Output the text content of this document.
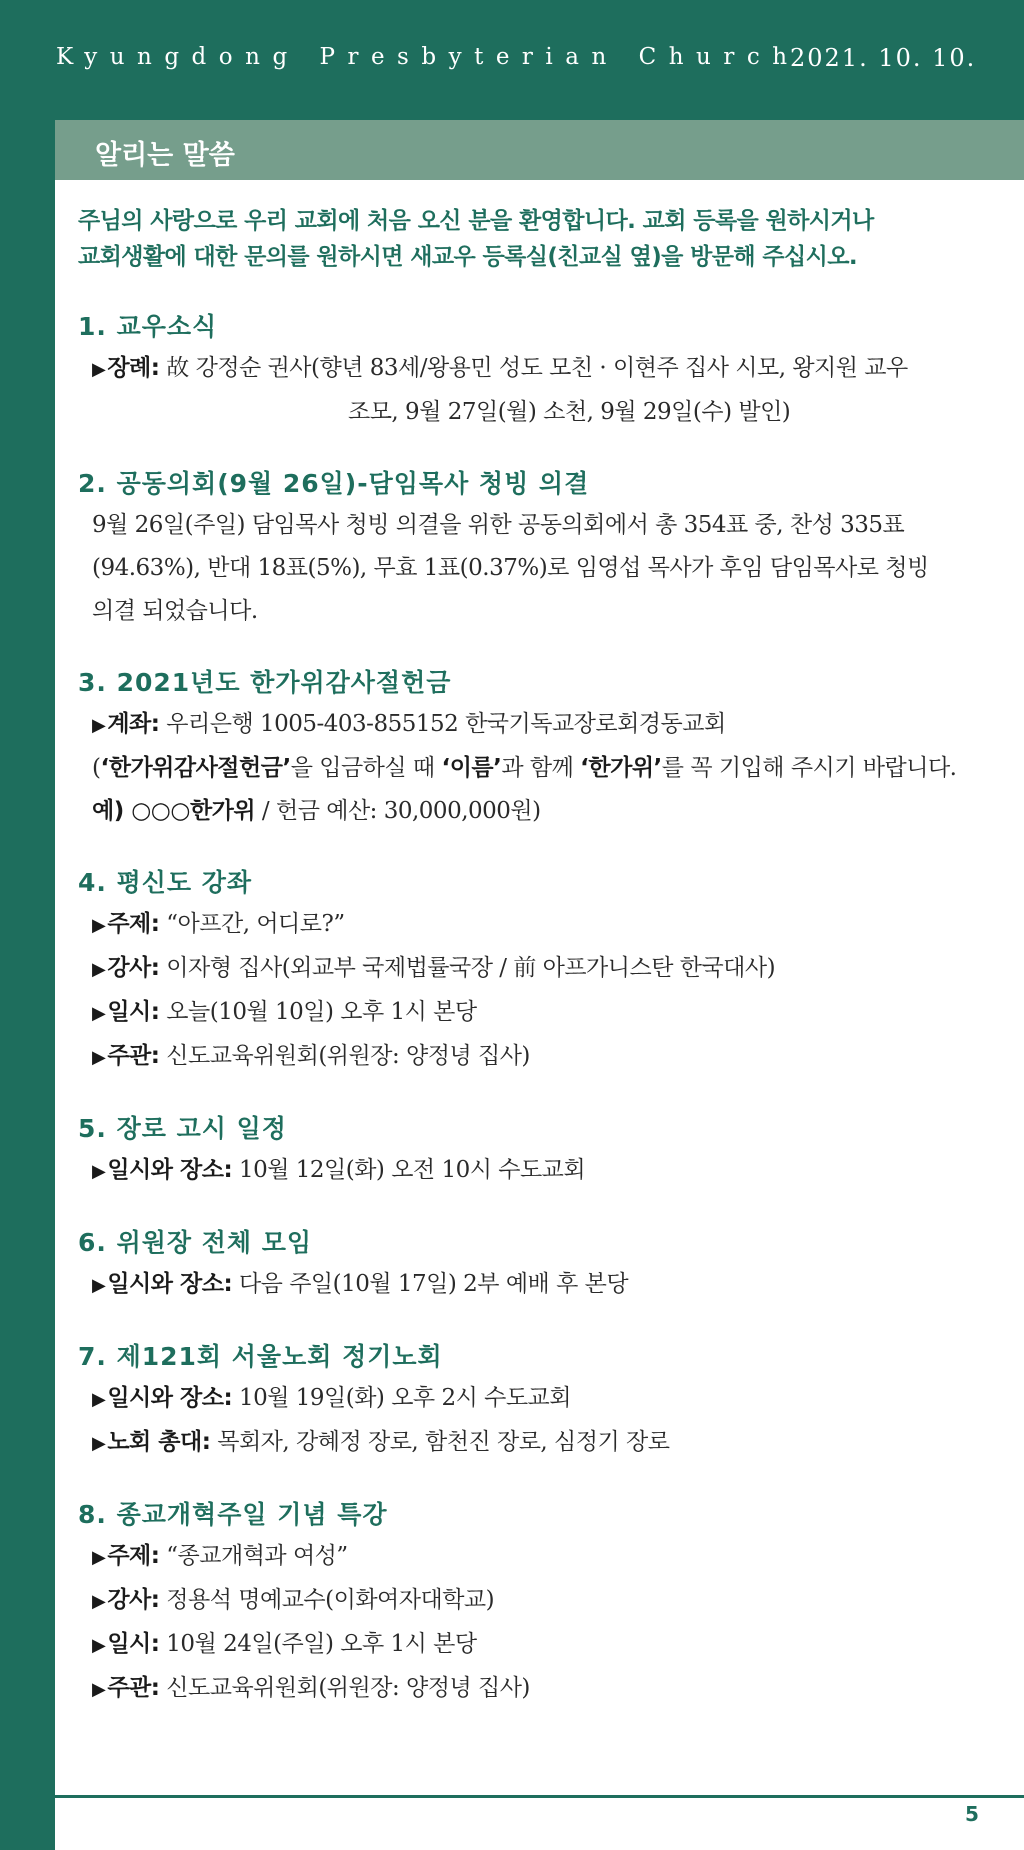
Kyungdong Presbyterian Church
2021. 10. 10.
알리는 말씀
주님의 사랑으로 우리 교회에 처음 오신 분을 환영합니다. 교회 등록을 원하시거나
교회생활에 대한 문의를 원하시면 새교우 등록실(친교실 옆)을 방문해 주십시오.
1. 교우소식
▶장례: 故 강정순 권사(향년 83세/왕용민 성도 모친 · 이현주 집사 시모, 왕지원 교우
조모, 9월 27일(월) 소천, 9월 29일(수) 발인)
2. 공동의회(9월 26일)-담임목사 청빙 의결
9월 26일(주일) 담임목사 청빙 의결을 위한 공동의회에서 총 354표 중, 찬성 335표
(94.63%), 반대 18표(5%), 무효 1표(0.37%)로 임영섭 목사가 후임 담임목사로 청빙
의결 되었습니다.
3. 2021년도 한가위감사절헌금
▶계좌: 우리은행 1005-403-855152 한국기독교장로회경동교회
(‘한가위감사절헌금’을 입금하실 때 ‘이름’과 함께 ‘한가위’를 꼭 기입해 주시기 바랍니다.
예) ○○○한가위 / 헌금 예산: 30,000,000원)
4. 평신도 강좌
▶주제: “아프간, 어디로?”
▶강사: 이자형 집사(외교부 국제법률국장 / 前 아프가니스탄 한국대사)
▶일시: 오늘(10월 10일) 오후 1시 본당
▶주관: 신도교육위원회(위원장: 양정녕 집사)
5. 장로 고시 일정
▶일시와 장소: 10월 12일(화) 오전 10시 수도교회
6. 위원장 전체 모임
▶일시와 장소: 다음 주일(10월 17일) 2부 예배 후 본당
7. 제121회 서울노회 정기노회
▶일시와 장소: 10월 19일(화) 오후 2시 수도교회
▶노회 총대: 목회자, 강혜정 장로, 함천진 장로, 심정기 장로
8. 종교개혁주일 기념 특강
▶주제: “종교개혁과 여성”
▶강사: 정용석 명예교수(이화여자대학교)
▶일시: 10월 24일(주일) 오후 1시 본당
▶주관: 신도교육위원회(위원장: 양정녕 집사)
5
